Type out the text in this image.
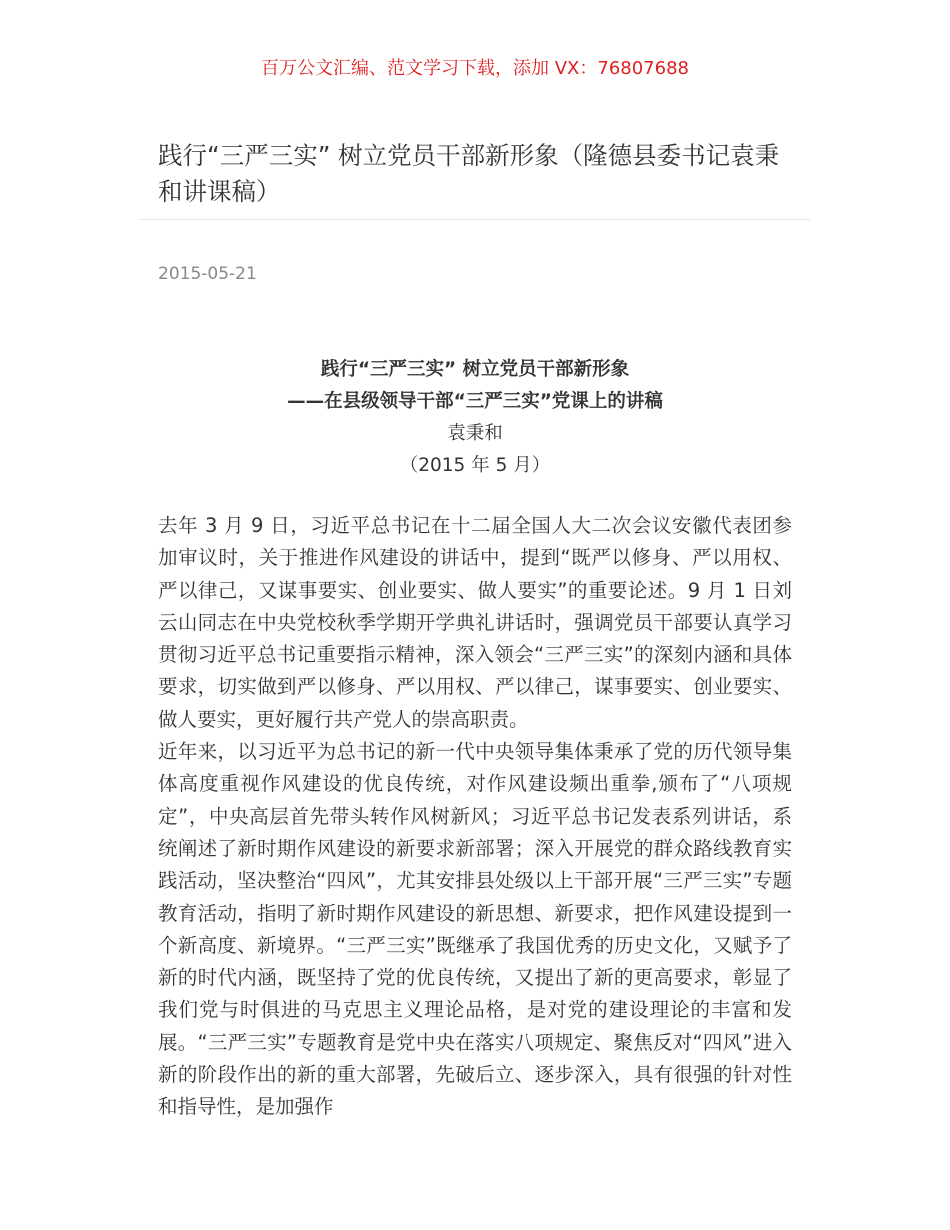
百万公文汇编、范文学习下载，添加 VX：76807688
践行“三严三实” 树立党员干部新形象（隆德县委书记袁秉和讲课稿）
2015-05-21
践行“三严三实” 树立党员干部新形象
——在县级领导干部“三严三实”党课上的讲稿
袁秉和
（2015 年 5 月）

去年 3 月 9 日，习近平总书记在十二届全国人大二次会议安徽代表团参加审议时，关于推进作风建设的讲话中，提到“既严以修身、严以用权、严以律己，又谋事要实、创业要实、做人要实”的重要论述。9 月 1 日刘云山同志在中央党校秋季学期开学典礼讲话时，强调党员干部要认真学习贯彻习近平总书记重要指示精神，深入领会“三严三实”的深刻内涵和具体要求，切实做到严以修身、严以用权、严以律己，谋事要实、创业要实、做人要实，更好履行共产党人的崇高职责。

近年来，以习近平为总书记的新一代中央领导集体秉承了党的历代领导集体高度重视作风建设的优良传统，对作风建设频出重拳,颁布了“八项规定”，中央高层首先带头转作风树新风；习近平总书记发表系列讲话，系统阐述了新时期作风建设的新要求新部署；深入开展党的群众路线教育实践活动，坚决整治“四风”，尤其安排县处级以上干部开展“三严三实”专题教育活动，指明了新时期作风建设的新思想、新要求，把作风建设提到一个新高度、新境界。“三严三实”既继承了我国优秀的历史文化，又赋予了新的时代内涵，既坚持了党的优良传统，又提出了新的更高要求，彰显了我们党与时俱进的马克思主义理论品格，是对党的建设理论的丰富和发展。“三严三实”专题教育是党中央在落实八项规定、聚焦反对“四风”进入新的阶段作出的新的重大部署，先破后立、逐步深入，具有很强的针对性和指导性，是加强作
